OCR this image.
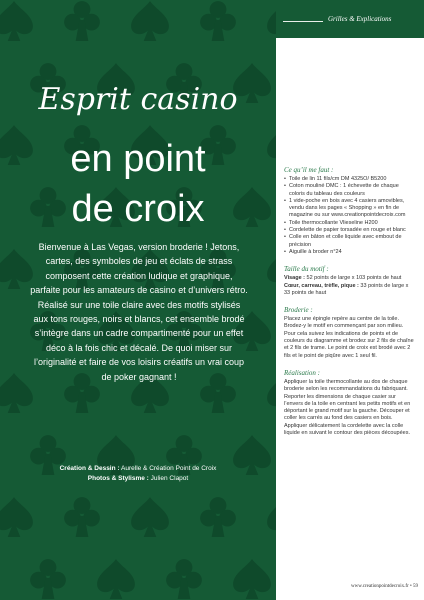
Esprit casino
en point
de croix
Bienvenue à Las Vegas, version broderie ! Jetons, cartes, des symboles de jeu et éclats de strass composent cette création ludique et graphique, parfaite pour les amateurs de casino et d’univers rétro. Réalisé sur une toile claire avec des motifs stylisés aux tons rouges, noirs et blancs, cet ensemble brodé s’intègre dans un cadre compartimenté pour un effet déco à la fois chic et décalé. De quoi miser sur l’originalité et faire de vos loisirs créatifs un vrai coup de poker gagnant !
Création & Dessin : Aurelle & Création Point de Croix
Photos & Stylisme : Julien Clapot
Grilles & Explications
Ce qu’il me faut :
• Toile de lin 11 fils/cm DM 4325O/ B5200
• Coton mouliné DMC : 1 échevette de chaque coloris du tableau des couleurs
• 1 vide-poche en bois avec 4 casiers amovibles, vendu dans les pages « Shopping » en fin de magazine ou sur www.creationpointdecroix.com
• Toile thermocollante Vlieseline H200
• Cordelette de papier torsadée en rouge et blanc
• Colle en bâton et colle liquide avec embout de précision
• Aiguille à broder n°24
Taille du motif :

Visage : 52 points de large x 103 points de haut

Cœur, carreau, trèfle, pique : 33 points de large x 33 points de haut

Broderie :

Placez une épingle repère au centre de la toile. Brodez-y le motif en commençant par son milieu. Pour cela suivez les indications de points et de couleurs du diagramme et brodez sur 2 fils de chaîne et 2 fils de trame. Le point de croix est brodé avec 2 fils et le point de piqûre avec 1 seul fil.

Réalisation :

Appliquer la toile thermocollante au dos de chaque broderie selon les recommandations du fabriquant. Reporter les dimensions de chaque casier sur l’envers de la toile en centrant les petits motifs et en déportant le grand motif sur la gauche. Découper et coller les carrés au fond des casiers en bois. Appliquer délicatement la cordelette avec la colle liquide en suivant le contour des pièces découpées.

www.creationpointdecroix.fr • 59
